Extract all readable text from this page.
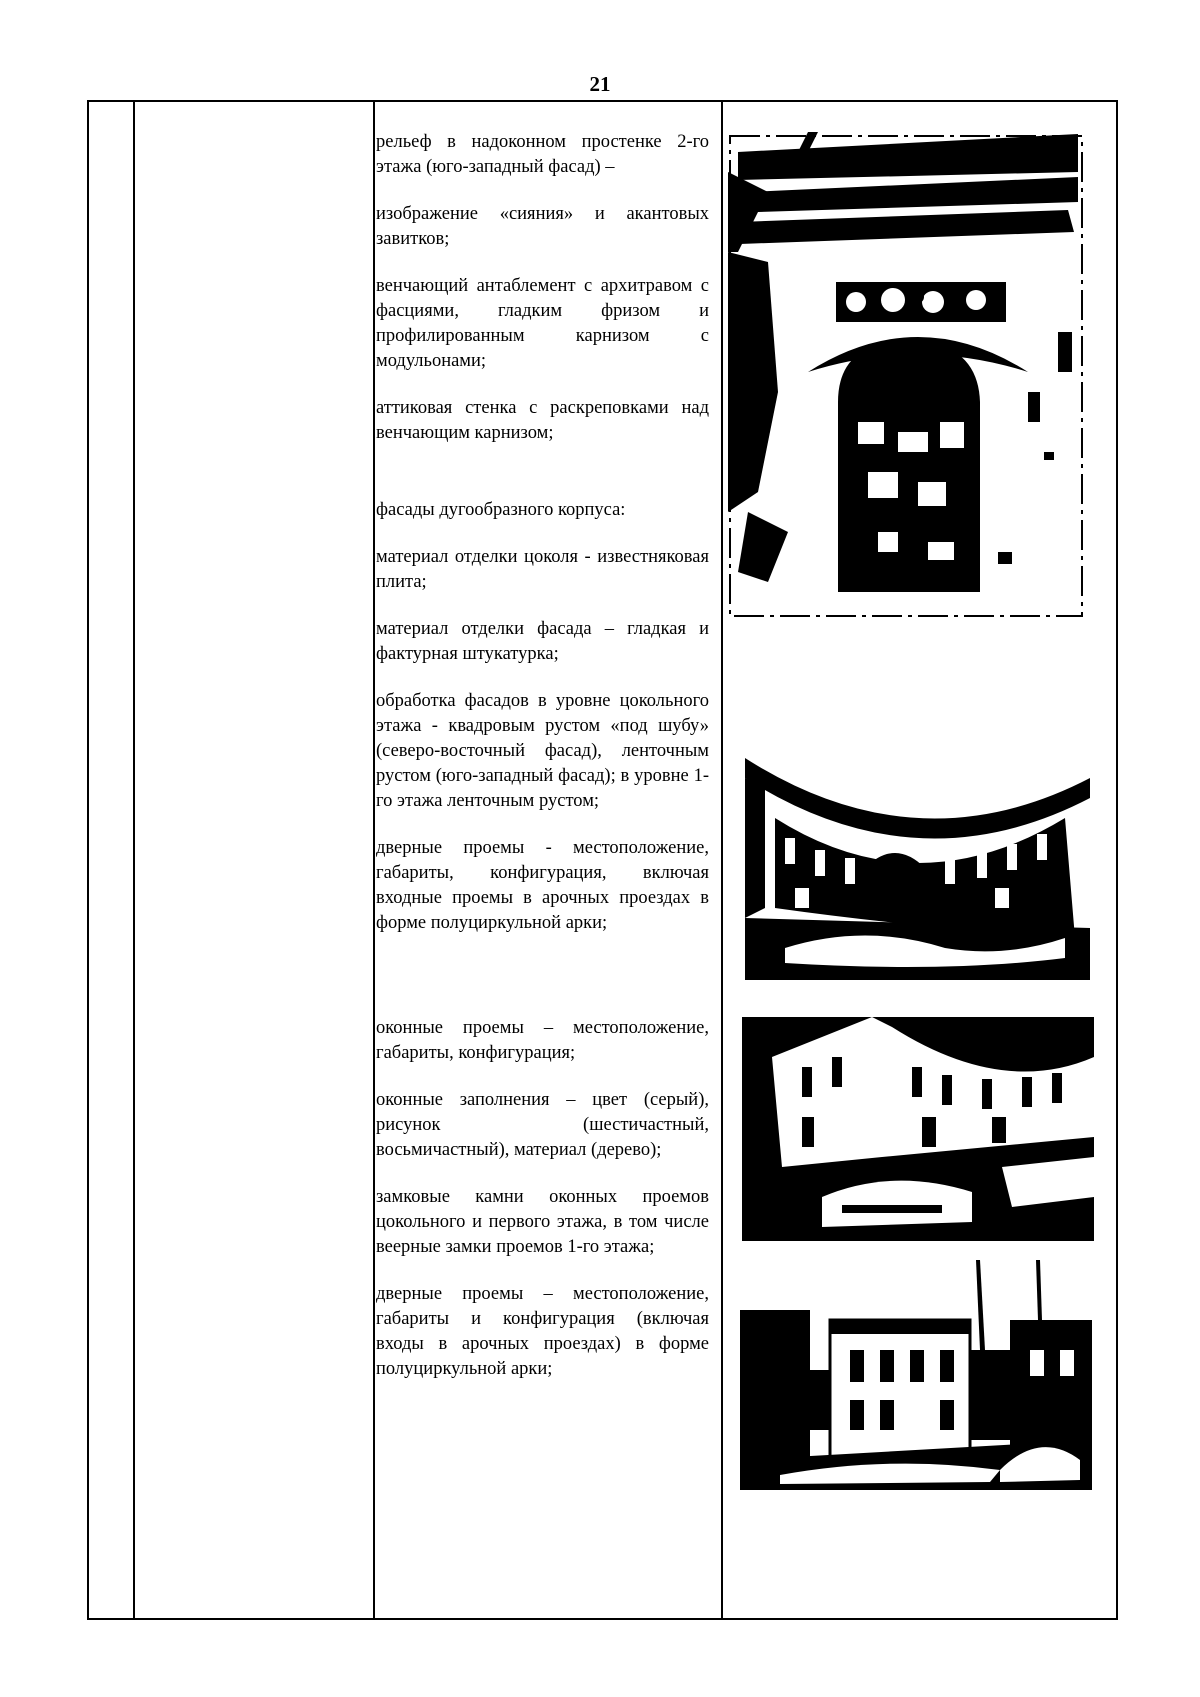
21

рельеф в надоконном простенке 2-го этажа (юго-западный фасад) –

изображение «сияния» и акантовых завитков;

венчающий антаблемент с архитравом с фасциями, гладким фризом и профилированным карнизом с модульонами;

аттиковая стенка с раскреповками над венчающим карнизом;

фасады дугообразного корпуса:

материал отделки цоколя - известняковая плита;

материал отделки фасада – гладкая и фактурная штукатурка;

обработка фасадов в уровне цокольного этажа - квадровым рустом «под шубу» (северо-восточный фасад), ленточным рустом (юго-западный фасад); в уровне 1-го этажа ленточным рустом;

дверные проемы - местоположение, габариты, конфигурация, включая входные проемы в арочных проездах в форме полуциркульной арки;

оконные проемы – местоположение, габариты, конфигурация;

оконные заполнения – цвет (серый), рисунок (шестичастный, восьмичастный), материал (дерево);

замковые камни оконных проемов цокольного и первого этажа, в том числе веерные замки проемов 1-го этажа;

дверные проемы – местоположение, габариты и конфигурация (включая входы в арочных проездах) в форме полуциркульной арки;
